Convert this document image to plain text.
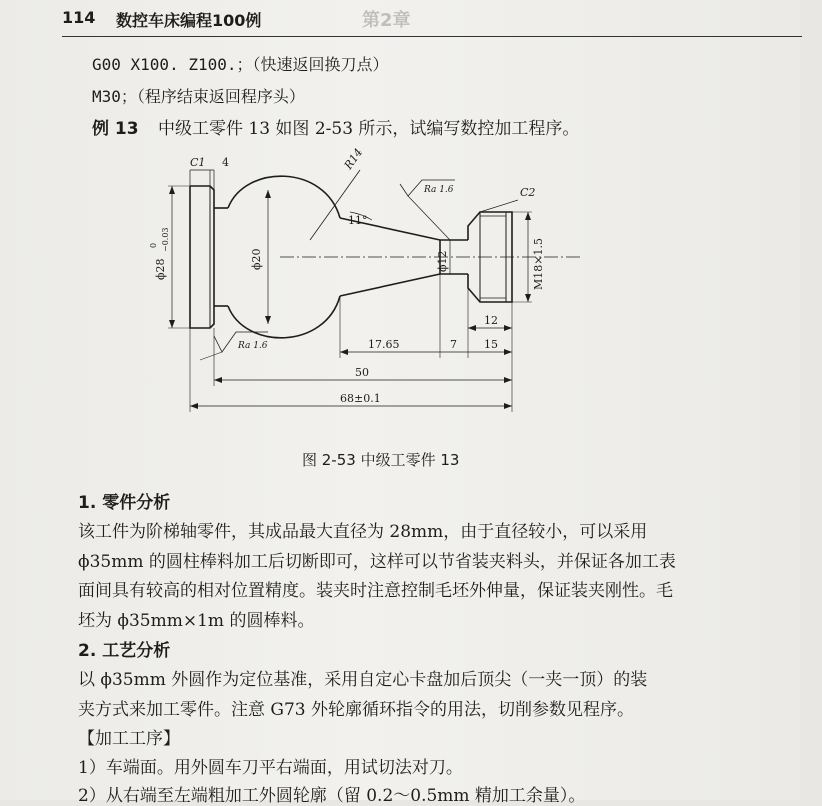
114 数控车床编程100例	第2章
G00 X100. Z100.；（快速返回换刀点）
M30；（程序结束返回程序头）
例 13 中级工零件 13 如图 2-53 所示，试编写数控加工程序。
R14
C1 4
Ra 1.6	C2
11°
ϕ28
0 −0.03
ϕ20	ϕ12	M18×1.5
Ra 1.6
12
17.65	7 15
50
68±0.1
图 2-53 中级工零件 13
1. 零件分析
该工件为阶梯轴零件，其成品最大直径为 28mm，由于直径较小，可以采用
ϕ35mm 的圆柱棒料加工后切断即可，这样可以节省装夹料头，并保证各加工表
面间具有较高的相对位置精度。装夹时注意控制毛坯外伸量，保证装夹刚性。毛
坯为 ϕ35mm×1m 的圆棒料。
2. 工艺分析
以 ϕ35mm 外圆作为定位基准，采用自定心卡盘加后顶尖（一夹一顶）的装
夹方式来加工零件。注意 G73 外轮廓循环指令的用法，切削参数见程序。
【加工工序】
1）车端面。用外圆车刀平右端面，用试切法对刀。
2）从右端至左端粗加工外圆轮廓（留 0.2～0.5mm 精加工余量）。
